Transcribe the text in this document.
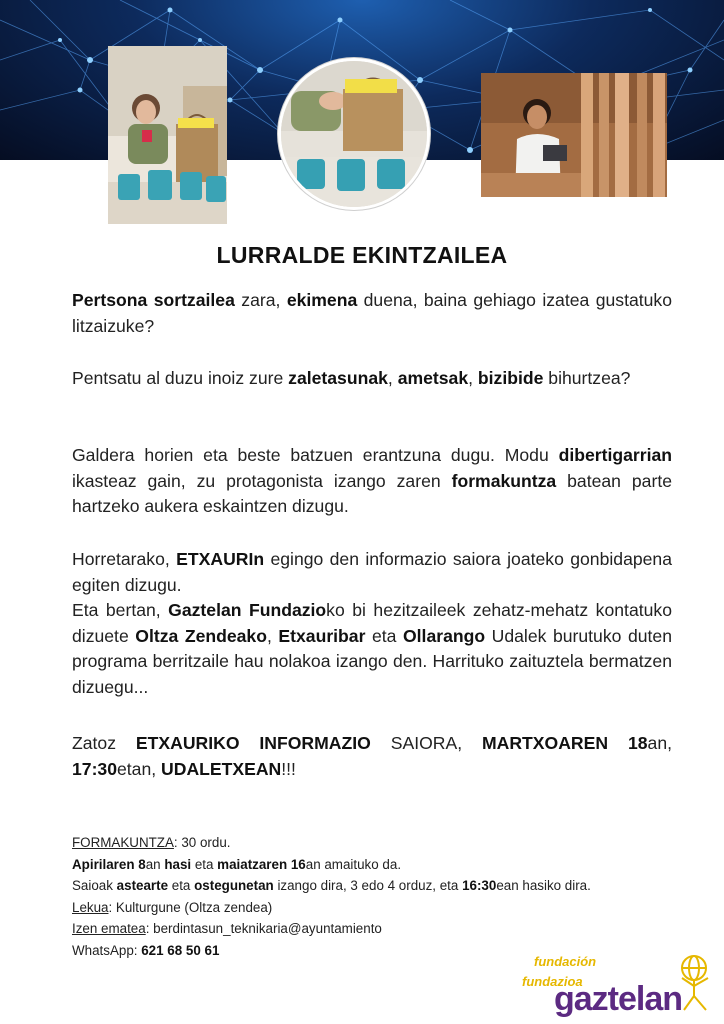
LURRALDE EKINTZAILEA

Pertsona sortzailea zara, ekimena duena, baina gehiago izatea gustatuko litzaizuke?

Pentsatu al duzu inoiz zure zaletasunak, ametsak, bizibide bihurtzea?

Galdera horien eta beste batzuen erantzuna dugu. Modu dibertigarrian ikasteaz gain, zu protagonista izango zaren formakuntza batean parte hartzeko aukera eskaintzen dizugu.

Horretarako, ETXAURIn egingo den informazio saiora joateko gonbidapena egiten dizugu.
Eta bertan, Gaztelan Fundazioko bi hezitzaileek zehatz-mehatz kontatuko dizuete Oltza Zendeako, Etxauribar eta Ollarango Udalek burutuko duten programa berritzaile hau nolakoa izango den. Harrituko zaituztela bermatzen dizuegu...

Zatoz ETXAURIKO INFORMAZIO SAIORA, MARTXOAREN 18an, 17:30etan, UDALETXEAN!!!

FORMAKUNTZA: 30 ordu.
Apirilaren 8an hasi eta maiatzaren 16an amaituko da.
Saioak astearte eta ostegunetan izango dira, 3 edo 4 orduz, eta 16:30ean hasiko dira.
Lekua: Kulturgune (Oltza zendea)
Izen ematea: berdintasun_teknikaria@ayuntamiento
WhatsApp: 621 68 50 61
fundación
fundazioa
gaztelan
